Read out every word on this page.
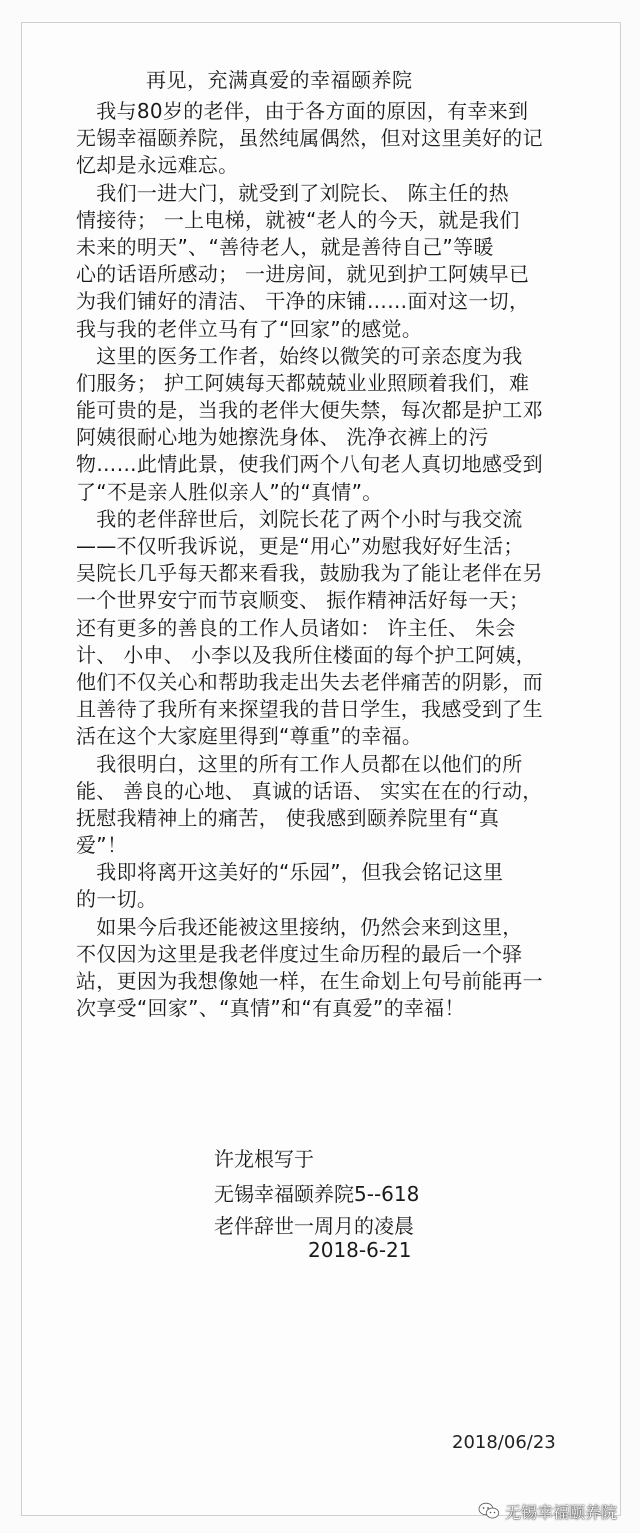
再见，充满真爱的幸福颐养院
　我与80岁的老伴，由于各方面的原因，有幸来到
无锡幸福颐养院，虽然纯属偶然，但对这里美好的记
忆却是永远难忘。
　我们一进大门，就受到了刘院长、 陈主任的热
情接待； 一上电梯，就被“老人的今天，就是我们
未来的明天”、“善待老人，就是善待自己”等暖
心的话语所感动； 一进房间，就见到护工阿姨早已
为我们铺好的清洁、 干净的床铺……面对这一切，
我与我的老伴立马有了“回家”的感觉。
　这里的医务工作者，始终以微笑的可亲态度为我
们服务； 护工阿姨每天都兢兢业业照顾着我们，难
能可贵的是，当我的老伴大便失禁，每次都是护工邓
阿姨很耐心地为她擦洗身体、 洗净衣裤上的污
物……此情此景，使我们两个八旬老人真切地感受到
了“不是亲人胜似亲人”的“真情”。
　我的老伴辞世后，刘院长花了两个小时与我交流
——不仅听我诉说，更是“用心”劝慰我好好生活；
吴院长几乎每天都来看我，鼓励我为了能让老伴在另
一个世界安宁而节哀顺变、 振作精神活好每一天；
还有更多的善良的工作人员诸如： 许主任、 朱会
计、 小申、 小李以及我所住楼面的每个护工阿姨，
他们不仅关心和帮助我走出失去老伴痛苦的阴影，而
且善待了我所有来探望我的昔日学生，我感受到了生
活在这个大家庭里得到“尊重”的幸福。
　我很明白，这里的所有工作人员都在以他们的所
能、 善良的心地、 真诚的话语、 实实在在的行动，
抚慰我精神上的痛苦， 使我感到颐养院里有“真
爱”！
　我即将离开这美好的“乐园”，但我会铭记这里
的一切。
　如果今后我还能被这里接纳，仍然会来到这里，
不仅因为这里是我老伴度过生命历程的最后一个驿
站，更因为我想像她一样，在生命划上句号前能再一
次享受“回家”、“真情”和“有真爱”的幸福！
许龙根写于
无锡幸福颐养院5--618
老伴辞世一周月的凌晨
2018-6-21
2018/06/23
无锡幸福颐养院
